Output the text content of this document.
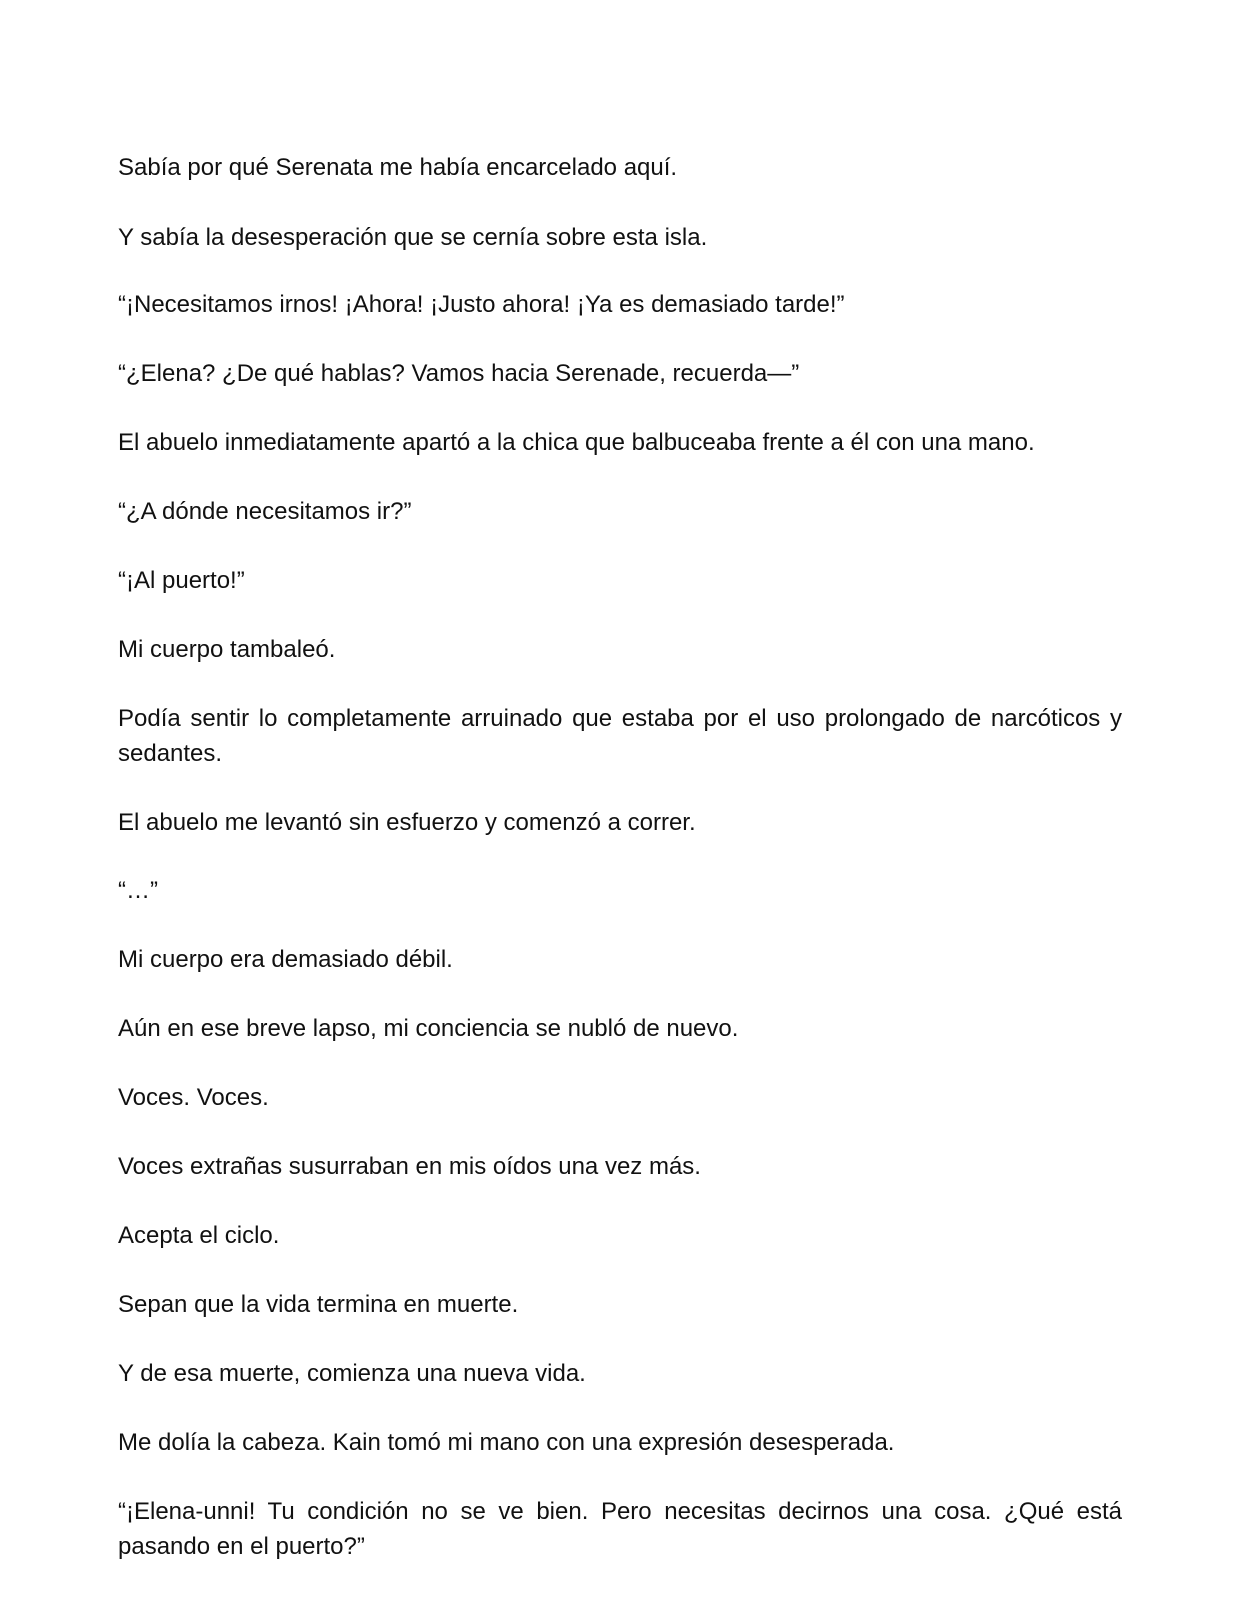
Sabía por qué Serenata me había encarcelado aquí.

Y sabía la desesperación que se cernía sobre esta isla.

“¡Necesitamos irnos! ¡Ahora! ¡Justo ahora! ¡Ya es demasiado tarde!”

“¿Elena? ¿De qué hablas? Vamos hacia Serenade, recuerda—”

El abuelo inmediatamente apartó a la chica que balbuceaba frente a él con una mano.

“¿A dónde necesitamos ir?”

“¡Al puerto!”

Mi cuerpo tambaleó.

Podía sentir lo completamente arruinado que estaba por el uso prolongado de narcóticos y sedantes.

El abuelo me levantó sin esfuerzo y comenzó a correr.

“…”

Mi cuerpo era demasiado débil.

Aún en ese breve lapso, mi conciencia se nubló de nuevo.

Voces. Voces.

Voces extrañas susurraban en mis oídos una vez más.

Acepta el ciclo.

Sepan que la vida termina en muerte.

Y de esa muerte, comienza una nueva vida.

Me dolía la cabeza. Kain tomó mi mano con una expresión desesperada.

“¡Elena-unni! Tu condición no se ve bien. Pero necesitas decirnos una cosa. ¿Qué está pasando en el puerto?”
